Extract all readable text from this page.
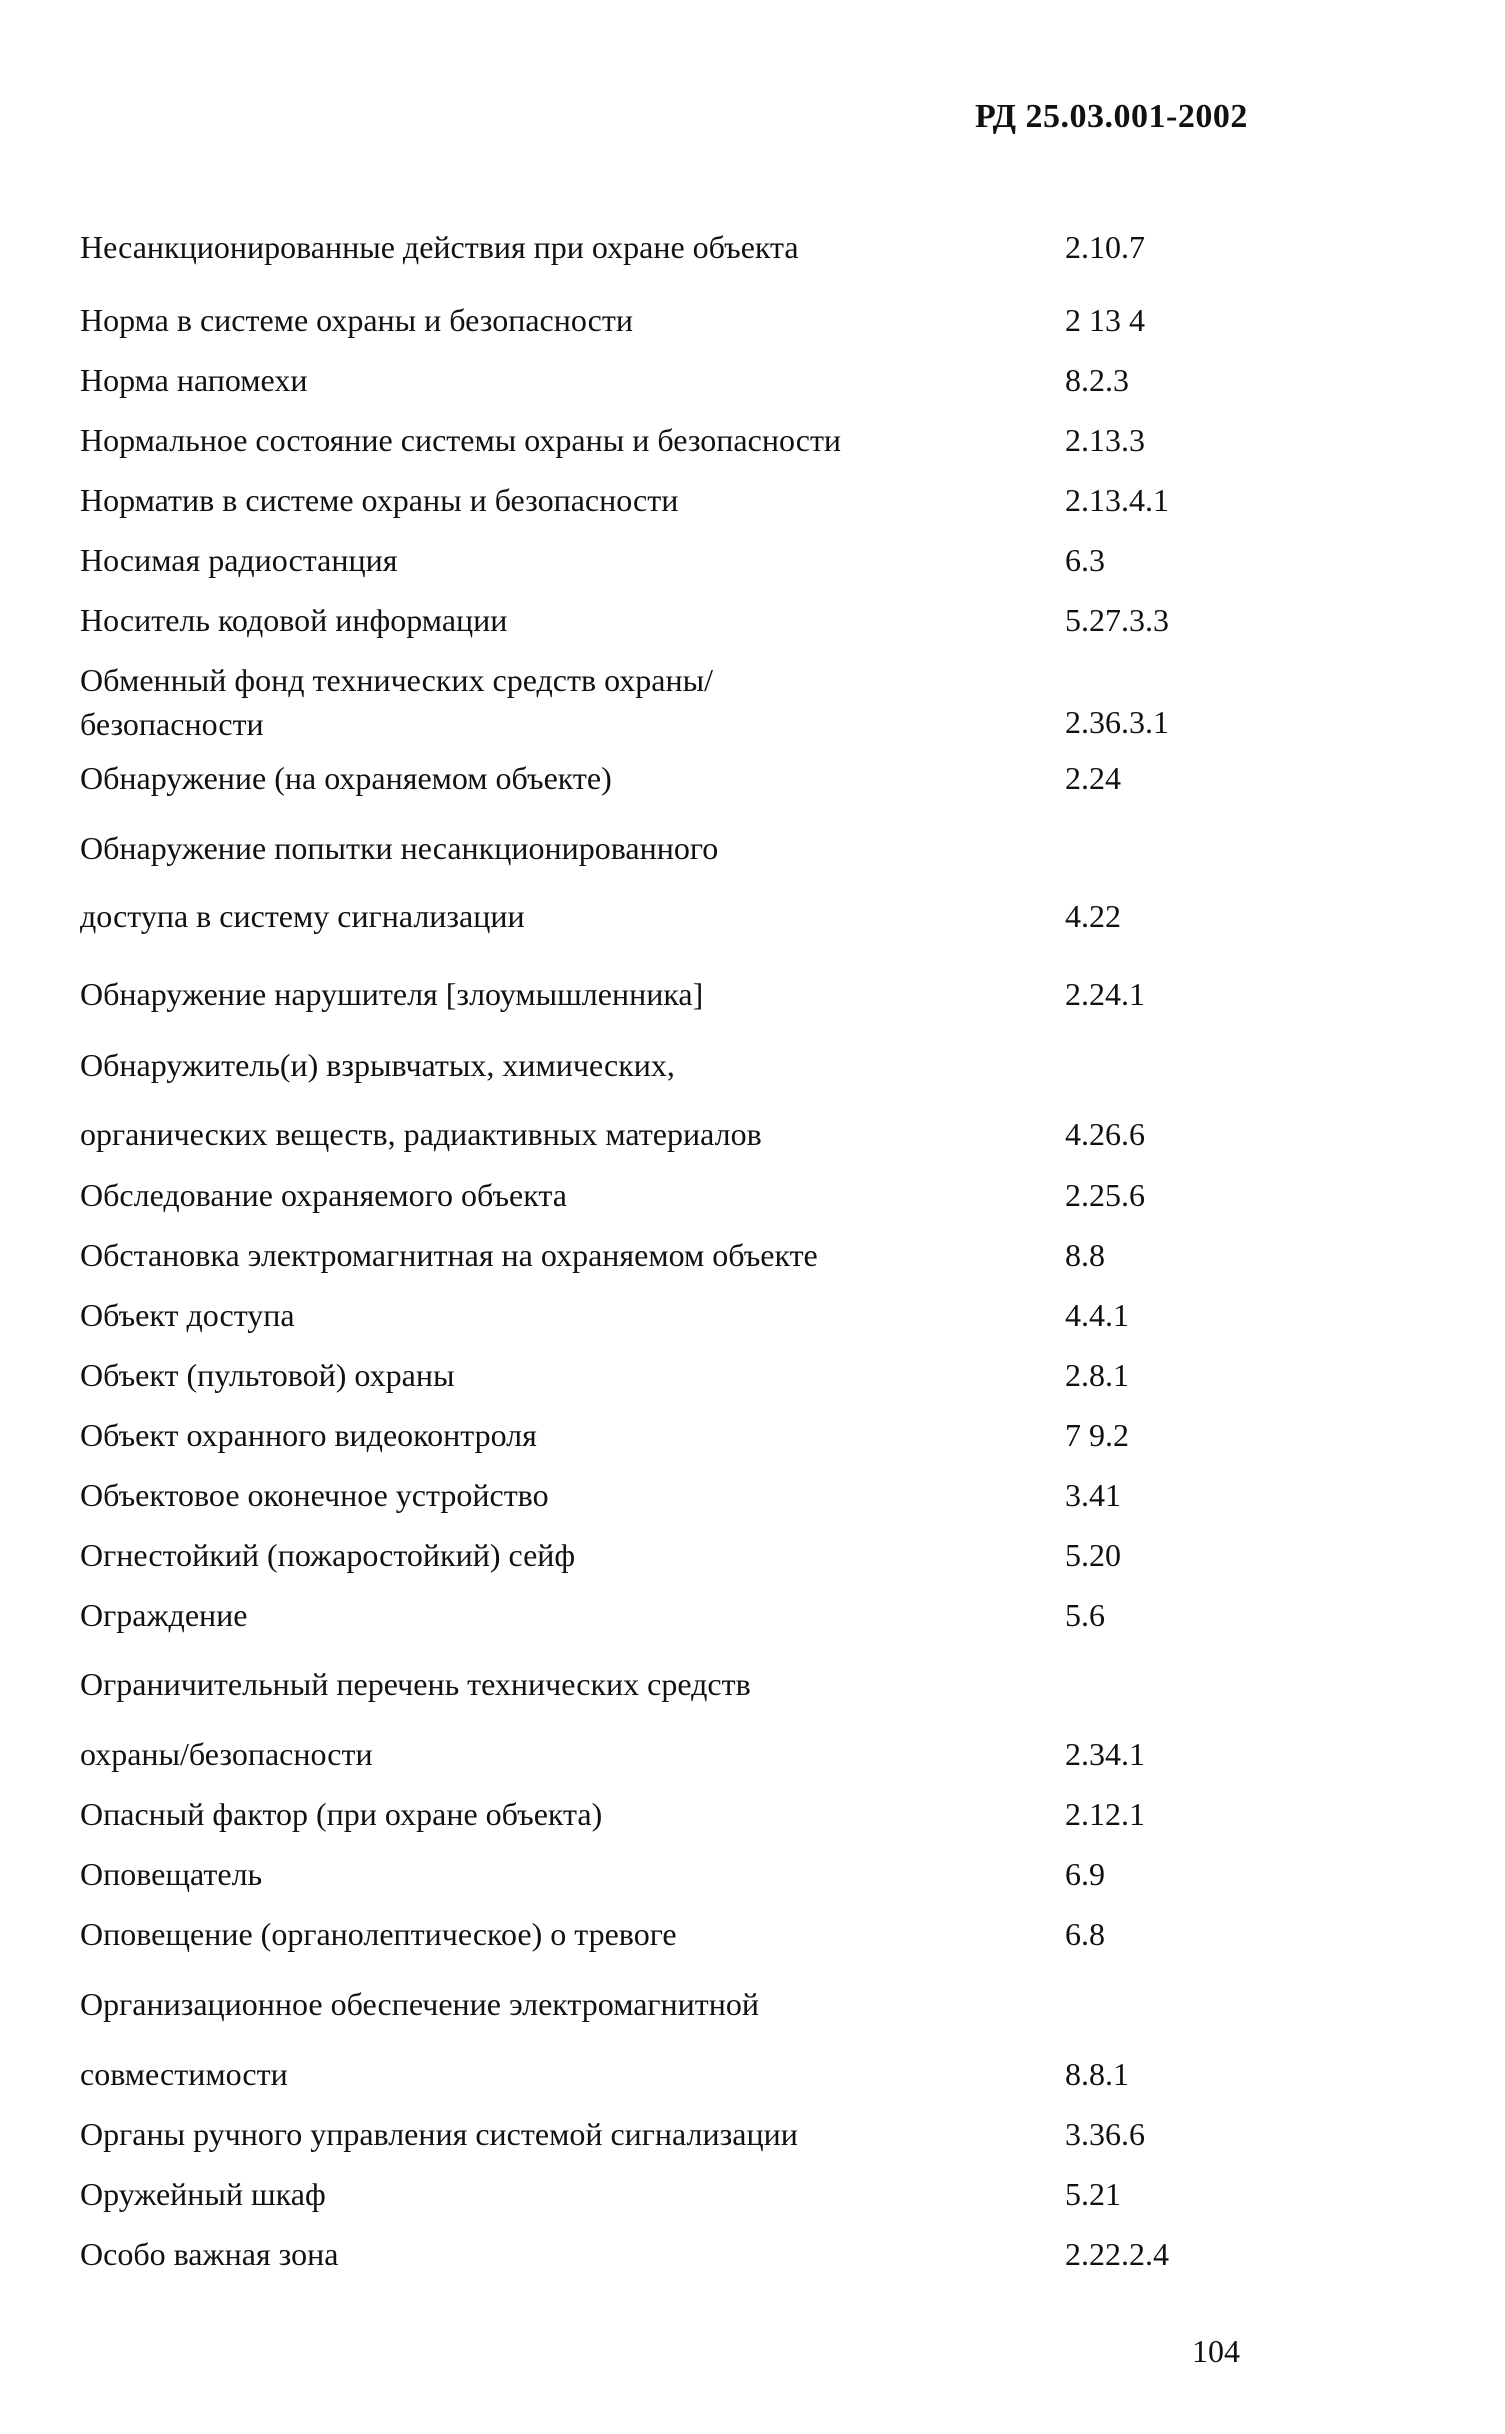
РД 25.03.001-2002
Несанкционированные действия при охране объекта	2.10.7
Норма в системе охраны и безопасности	2 13 4
Норма напомехи	8.2.3
Нормальное состояние системы охраны и безопасности	2.13.3
Норматив в системе охраны и безопасности	2.13.4.1
Носимая радиостанция	6.3
Носитель кодовой информации	5.27.3.3
Обменный фонд технических средств охраны/
безопасности	2.36.3.1
Обнаружение (на охраняемом объекте)	2.24
Обнаружение попытки несанкционированного
доступа в систему сигнализации	4.22
Обнаружение нарушителя [злоумышленника]	2.24.1
Обнаружитель(и) взрывчатых, химических,
органических веществ, радиактивных материалов	4.26.6
Обследование охраняемого объекта	2.25.6
Обстановка электромагнитная на охраняемом объекте	8.8
Объект доступа	4.4.1
Объект (пультовой) охраны	2.8.1
Объект охранного видеоконтроля	7 9.2
Объектовое оконечное устройство	3.41
Огнестойкий (пожаростойкий) сейф	5.20
Ограждение	5.6
Ограничительный перечень технических средств
охраны/безопасности	2.34.1
Опасный фактор (при охране объекта)	2.12.1
Оповещатель	6.9
Оповещение (органолептическое) о тревоге	6.8
Организационное обеспечение электромагнитной
совместимости	8.8.1
Органы ручного управления системой сигнализации	3.36.6
Оружейный шкаф	5.21
Особо важная зона	2.22.2.4
104
